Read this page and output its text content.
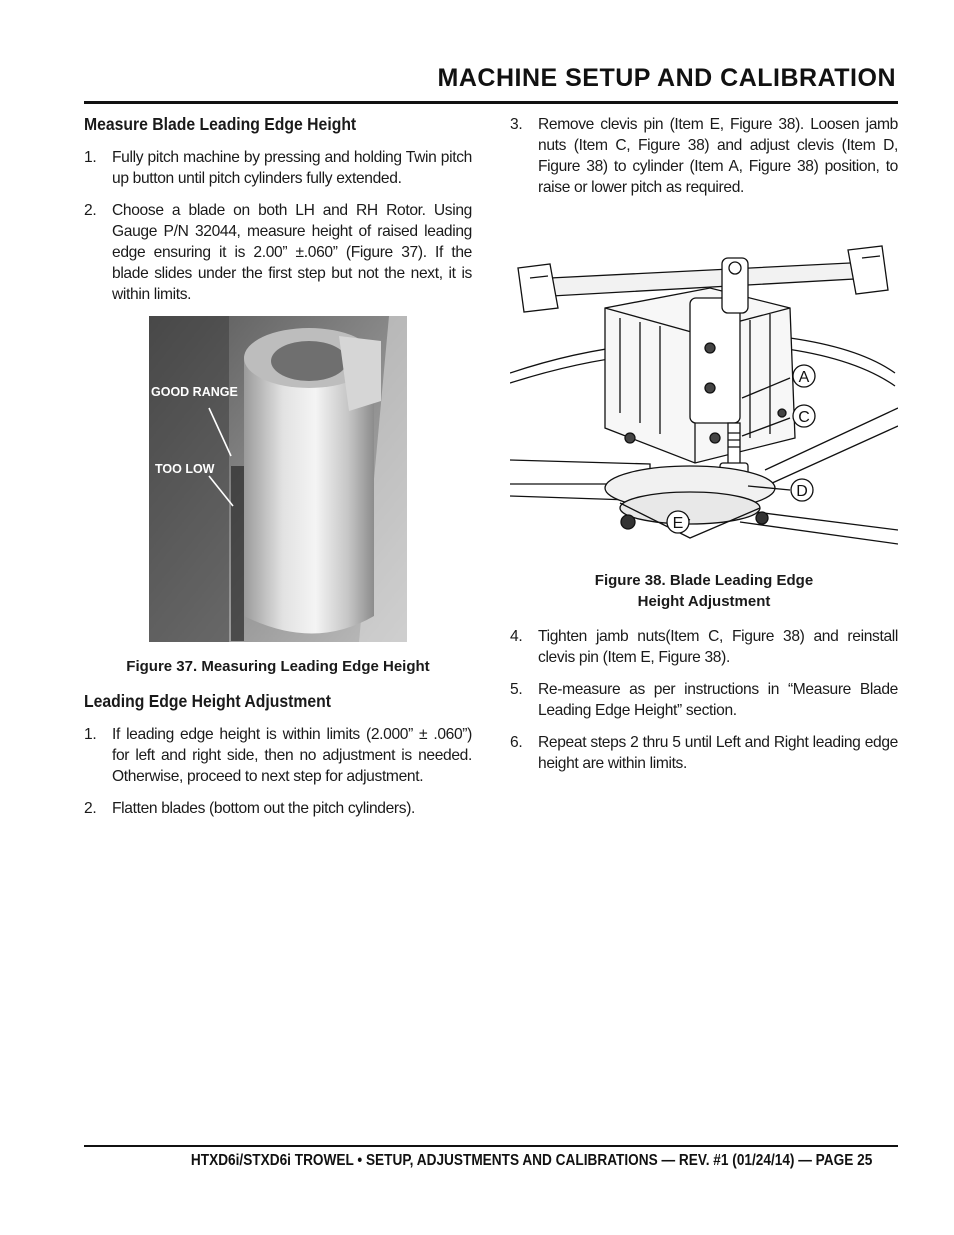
MACHINE SETUP AND CALIBRATION
Measure Blade Leading Edge Height
1. Fully pitch machine by pressing and holding Twin pitch up button until pitch cylinders fully extended.
2. Choose a blade on both LH and RH Rotor. Using Gauge P/N 32044, measure height of raised leading edge ensuring it is 2.00” ±.060” (Figure 37). If the blade slides under the first step but not the next, it is within limits.
GOOD RANGE
TOO LOW
Figure 37. Measuring Leading Edge Height
Leading Edge Height Adjustment
1. If leading edge height is within limits (2.000” ± .060”) for left and right side, then no adjustment is needed. Otherwise, proceed to next step for adjustment.
2. Flatten blades (bottom out the pitch cylinders).
3. Remove clevis pin (Item E, Figure 38). Loosen jamb nuts (Item C, Figure 38) and adjust clevis (Item D, Figure 38) to cylinder (Item A, Figure 38) position, to raise or lower pitch as required.
A
C
D
E
Figure 38. Blade Leading Edge
Height Adjustment
4. Tighten jamb nuts(Item C, Figure 38) and reinstall clevis pin (Item E, Figure 38).
5. Re-measure as per instructions in “Measure Blade Leading Edge Height” section.
6. Repeat steps 2 thru 5 until Left and Right leading edge height are within limits.
HTXD6i/STXD6i TROWEL • SETUP, ADJUSTMENTS AND CALIBRATIONS — REV. #1 (01/24/14) — PAGE 25
